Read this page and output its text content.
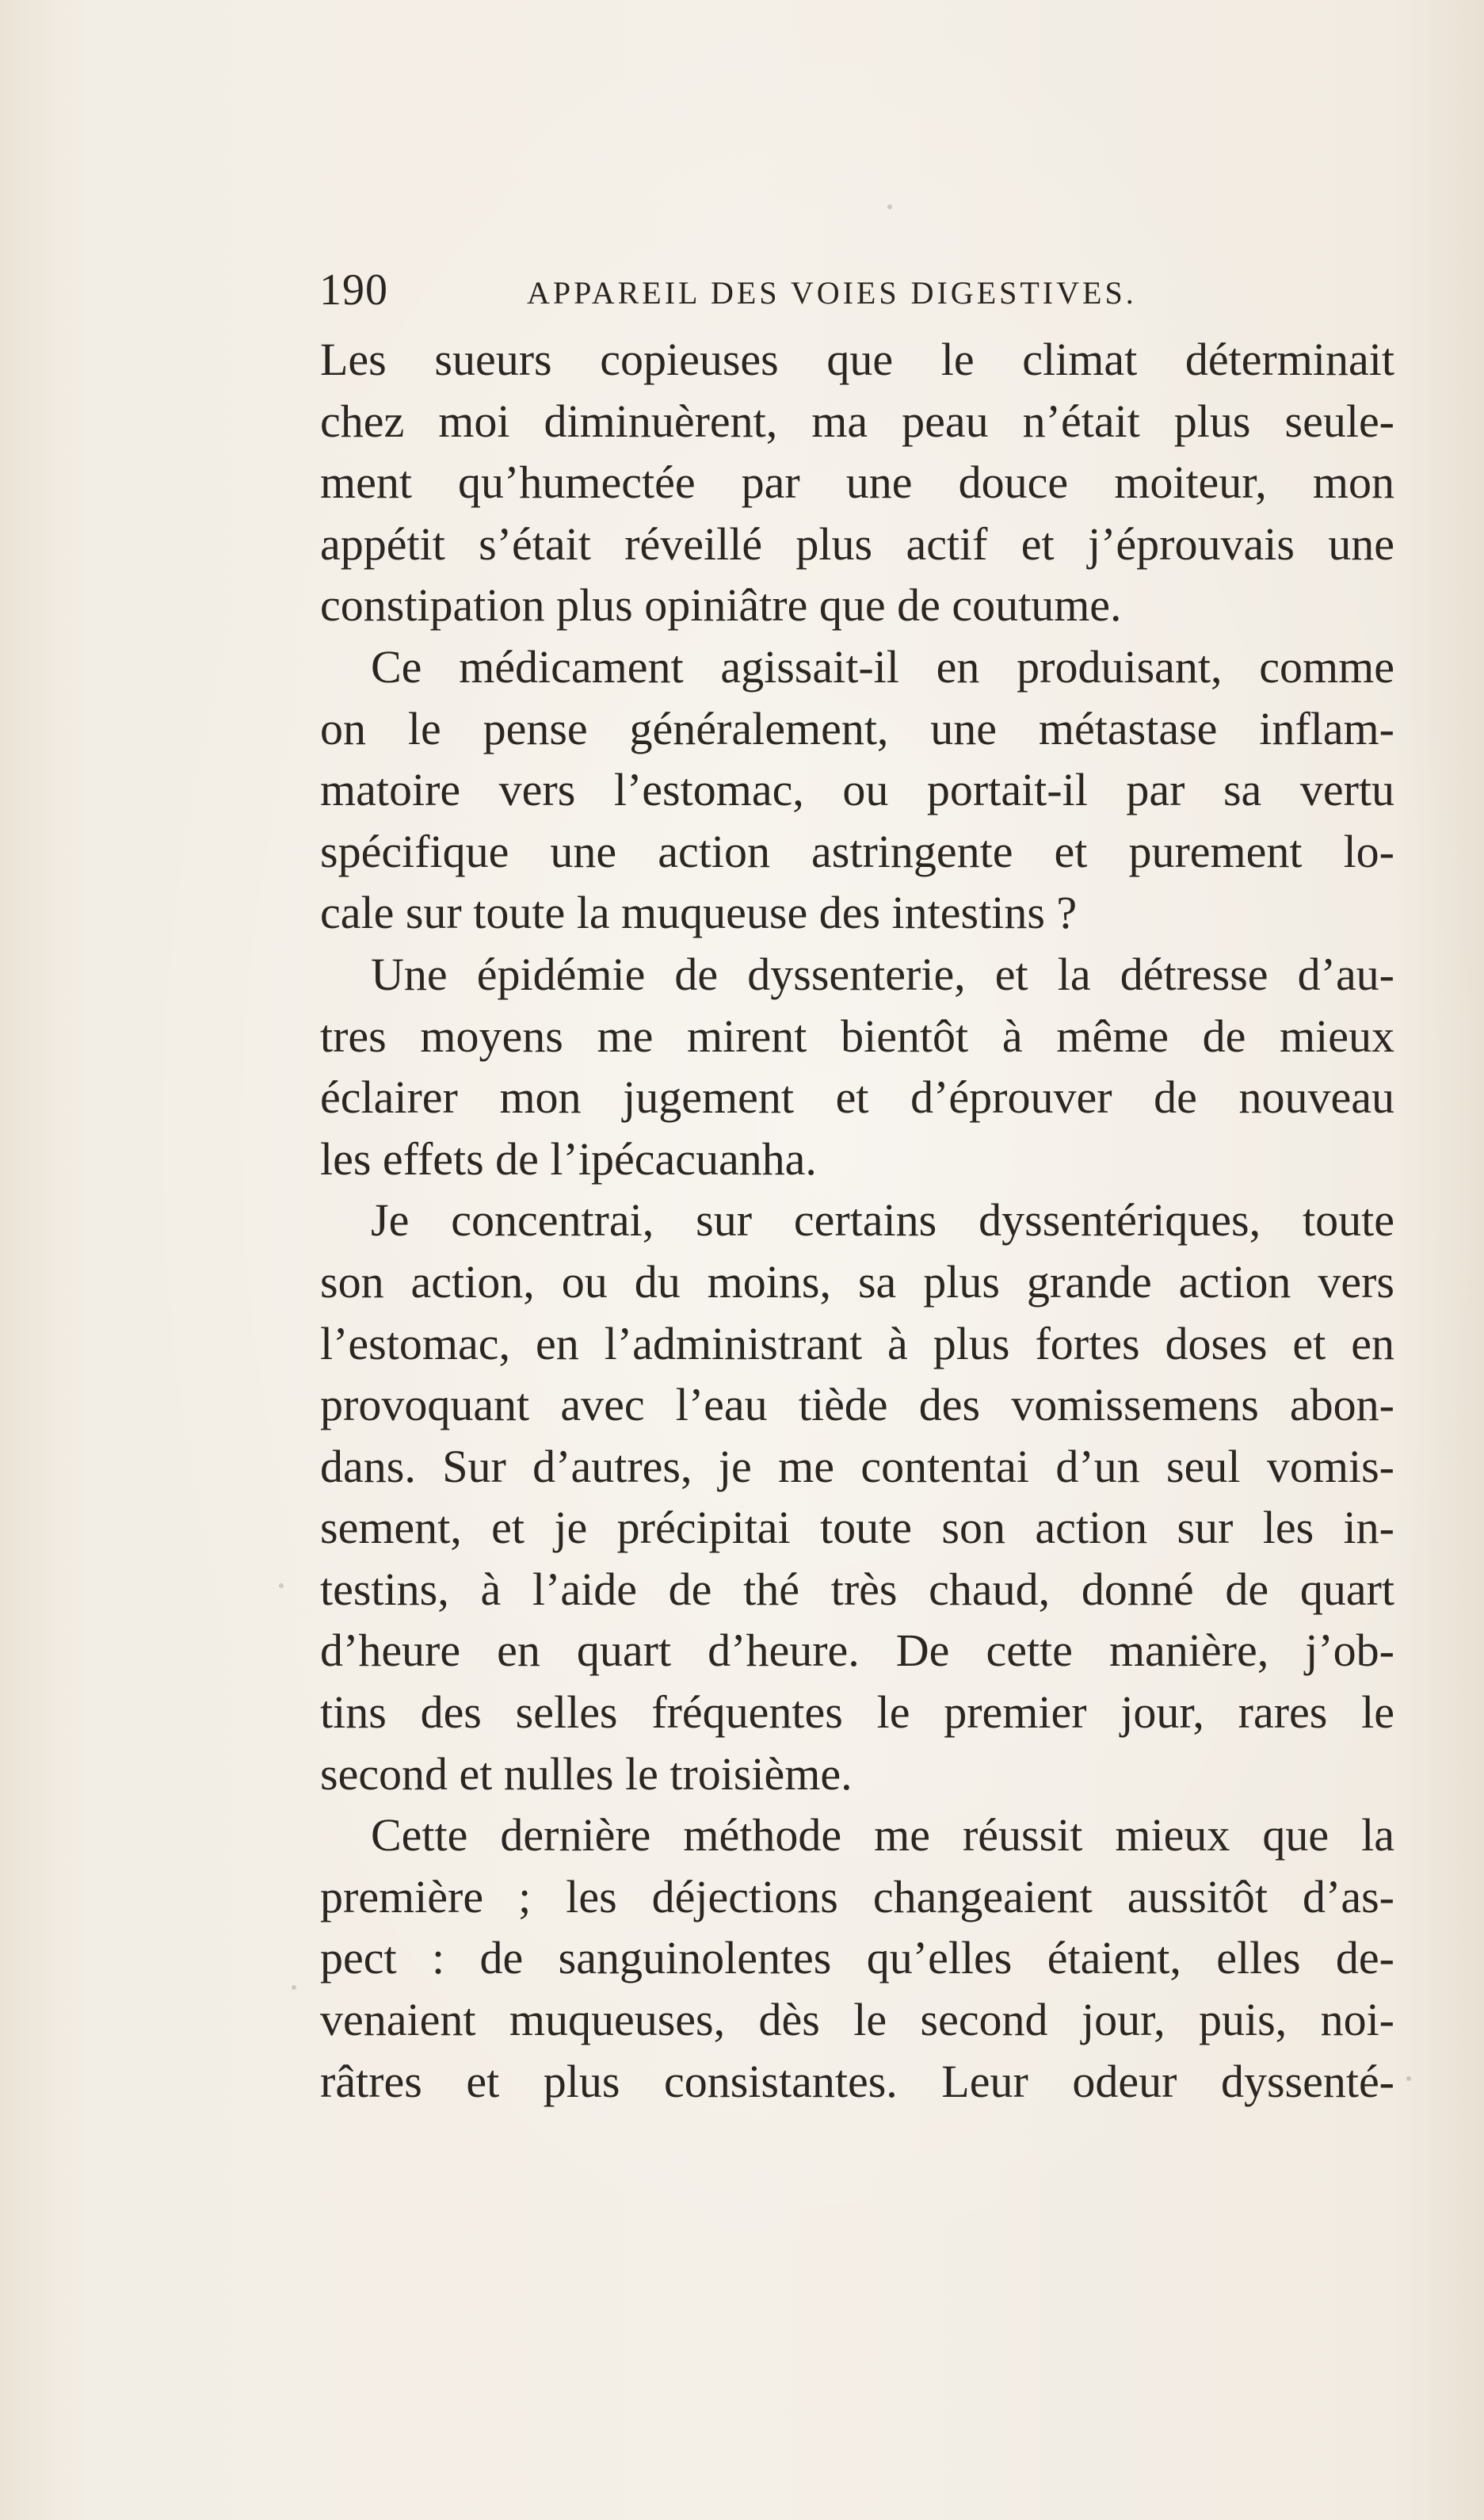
190	APPAREIL DES VOIES DIGESTIVES.
Les sueurs copieuses que le climat déterminait
chez moi diminuèrent, ma peau n’était plus seule-
ment qu’humectée par une douce moiteur, mon
appétit s’était réveillé plus actif et j’éprouvais une
constipation plus opiniâtre que de coutume.
Ce médicament agissait-il en produisant, comme
on le pense généralement, une métastase inflam-
matoire vers l’estomac, ou portait-il par sa vertu
spécifique une action astringente et purement lo-
cale sur toute la muqueuse des intestins ?
Une épidémie de dyssenterie, et la détresse d’au-
tres moyens me mirent bientôt à même de mieux
éclairer mon jugement et d’éprouver de nouveau
les effets de l’ipécacuanha.
Je concentrai, sur certains dyssentériques, toute
son action, ou du moins, sa plus grande action vers
l’estomac, en l’administrant à plus fortes doses et en
provoquant avec l’eau tiède des vomissemens abon-
dans. Sur d’autres, je me contentai d’un seul vomis-
sement, et je précipitai toute son action sur les in-
testins, à l’aide de thé très chaud, donné de quart
d’heure en quart d’heure. De cette manière, j’ob-
tins des selles fréquentes le premier jour, rares le
second et nulles le troisième.
Cette dernière méthode me réussit mieux que la
première ; les déjections changeaient aussitôt d’as-
pect : de sanguinolentes qu’elles étaient, elles de-
venaient muqueuses, dès le second jour, puis, noi-
râtres et plus consistantes. Leur odeur dyssenté-
